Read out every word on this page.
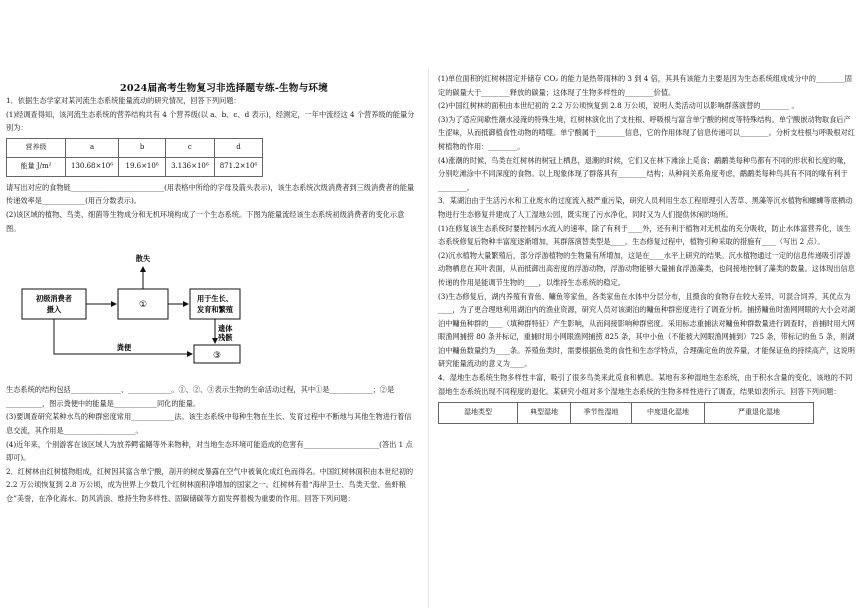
2024届高考生物复习非选择题专练-生物与环境

1．依据生态学家对某河流生态系统能量流动的研究情况，回答下列问题：

(1)经调查得知，该河流生态系统的营养结构共有 4 个营养级(以 a、b、c、d 表示)，经测定，一年中流经这 4 个营养级的能量分别为：

营养级	a	b	c	d
能量 J/m²	130.68×10⁶	19.6×10⁶	3.136×10⁶	871.2×10⁶

请写出对应的食物链__________________________(用表格中所给的字母及箭头表示)，该生态系统次级消费者到三级消费者的能量传递效率是____________(用百分数表示)。

(2)该区域的植物、鸟类、细菌等生物成分和无机环境构成了一个生态系统。下图为能量流经该生态系统初级消费者的变化示意图。

初级消费者
摄入	①
散失
用于生长、
发育和繁殖
遗体
残骸
③
粪便

生态系统的结构包括______________、____________。①、②、③表示生物的生命活动过程，其中①是____________；②是__________，图示粪便中的能量是____________同化的能量。

(3)要调查研究某种水鸟的种群密度常用____________法。该生态系统中每种生物在生长、发育过程中不断地与其他生物进行着信息交流，其作用是____________________。

(4)近年来，个别游客在该区域人为放养鳄雀鳝等外来物种，对当地生态环境可能造成的危害有_____________________(答出 1 点即可)。

2．红树林由红树植物组成，红树因其富含单宁酸，剖开的树皮暴露在空气中被氧化成红色而得名。中国红树林面积由本世纪初的 2.2 万公顷恢复到 2.8 万公顷，成为世界上少数几个红树林面积净增加的国家之一。红树林有着“海岸卫士、鸟类天堂、鱼虾粮仓”美誉，在净化海水、防风消浪、维持生物多样性、固碳储碳等方面发挥着极为重要的作用。回答下列问题：

(1)单位面积的红树林固定并储存 CO₂ 的能力是热带雨林的 3 到 4 倍，其具有该能力主要是因为生态系统组成成分中的________固定的碳量大于________释放的碳量；这体现了生物多样性的________价值。

(2)中国红树林的面积由本世纪初的 2.2 万公顷恢复到 2.8 万公顷，说明人类活动可以影响群落演替的________ 。

(3)为了适应间歇性潮水浸淹的特殊生境，红树林演化出了支柱根、呼吸根与富含单宁酸的树皮等特殊结构。单宁酸嵌动物取食后产生涩味，从而抵御植食性动物的啃噬。单宁酸属于________信息，它的作用体现了信息传递可以________。分析支柱根与呼吸根对红树植物的作用：________。

(4)涨潮的时候，鸟类在红树林的树冠上栖息，退潮的时候，它们又在林下滩涂上觅食；鹬鹬类每种鸟都有不同的形状和长度的喙，分别吃滩涂中不同深度的食物。以上现象体现了群落具有________结构；从种间关系角度考虑，鹬鹬类每种鸟具有不同的喙有利于________。

3．某湖泊由于生活污水和工业废水的过度流入被严重污染，研究人员利用生态工程原理引入苦草、黑藻等沉水植物和螺蛳等底栖动物进行生态修复并建成了人工湿地公园，既实现了污水净化，同时又为人们提供休闲的场所。

(1)在修复该生态系统时要控制污水流入的速率，除了有利于____外，还有利于植物对无机盐的充分吸收，防止水体富营养化，该生态系统修复后物种丰富度逐渐增加，其群落演替类型是____。生态修复过程中，植物引种采取的措施有____（写出 2 点）。

(2)沉水植物大量繁殖后，部分浮游植物的生物量有所增加，这是在____水平上研究的结果。沉水植物通过一定的信息传递吸引浮游动物栖息在其叶表面，从而抵御出高密度的浮游动物，浮游动物能够大量捕食浮游藻类，也间接地控制了藻类的数量。这体现出信息传递的作用是能调节生物的____，以维持生态系统的稳定。

(3)生态修复后，湖内养殖有青鱼、鳙鱼等家鱼，各类家鱼在水体中分层分布，且摄食的食物存在较大差异，可混合饲养，其优点为____，为了更合理地利用湖泊内的渔业资源，研究人员对该湖泊的鳙鱼种群密度进行了调查分析。捕捞鳙鱼时渔网网眼的大小会对湖泊中鳙鱼种群的____（填种群特征）产生影响，从而间接影响种群密度。采用标志重捕法对鳙鱼种群数量进行调查时，首捕时用大网眼渔网捕捞 80 条并标记，重捕时用小网眼渔网捕捞 825 条，其中小鱼（不能被大网眼渔网捕到）725 条，带标记的鱼 5 条，则湖泊中鳙鱼数量约为____条。养殖鱼类时，需要根据鱼类的食性和生态学特点，合理确定鱼的放养量，才能保证鱼的持续高产，这说明研究能量流动的意义为____。

4．湿地生态系统生物多样性丰富，吸引了很多鸟类来此觅食和栖息。某地有多种湿地生态系统，由于积水含量的变化，该地的不同湿地生态系统出现不同程度的退化。某研究小组对多个湿地生态系统的生物多样性进行了调查，结果如表所示。回答下列问题：

湿地类型	典型湿地	季节性湿地	中度退化湿地	严重退化湿地
